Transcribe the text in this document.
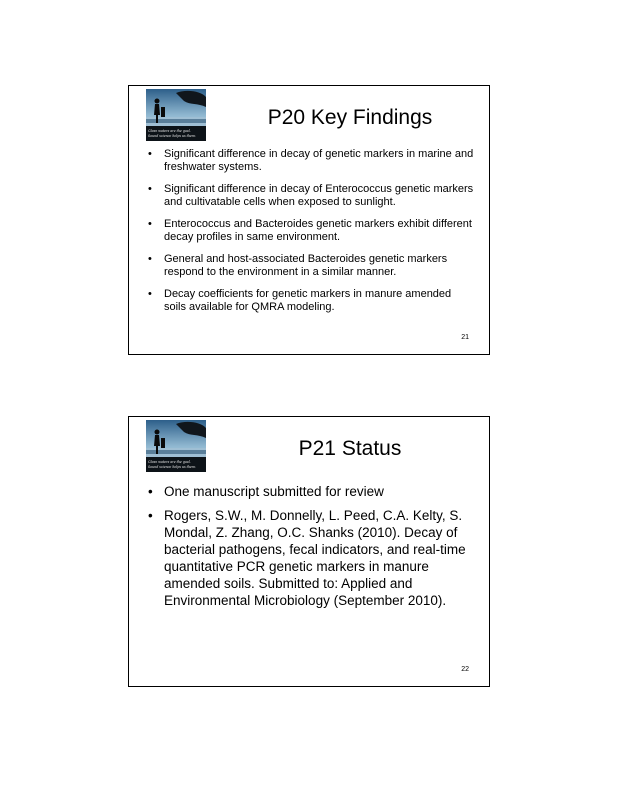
Clean waters are the goal.
Sound science helps us there.
P20 Key Findings
• Significant difference in decay of genetic markers in marine and freshwater systems.
• Significant difference in decay of Enterococcus genetic markers and cultivatable cells when exposed to sunlight.
• Enterococcus and Bacteroides genetic markers exhibit different decay profiles in same environment.
• General and host-associated Bacteroides genetic markers respond to the environment in a similar manner.
• Decay coefficients for genetic markers in manure amended soils available for QMRA modeling.
21
Clean waters are the goal.
Sound science helps us there.
P21 Status
• One manuscript submitted for review
• Rogers, S.W., M. Donnelly, L. Peed, C.A. Kelty, S. Mondal, Z. Zhang, O.C. Shanks (2010). Decay of bacterial pathogens, fecal indicators, and real-time quantitative PCR genetic markers in manure amended soils. Submitted to: Applied and Environmental Microbiology (September 2010).
22
